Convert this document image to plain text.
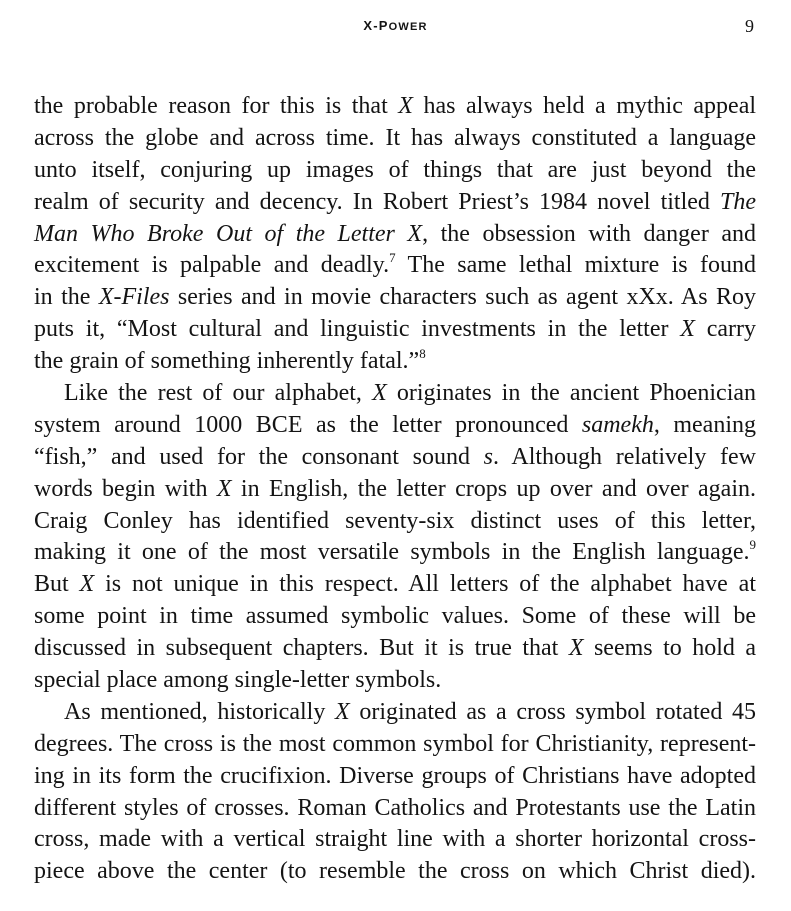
X-POWER	9
the probable reason for this is that X has always held a mythic appeal
across the globe and across time. It has always constituted a language
unto itself, conjuring up images of things that are just beyond the
realm of security and decency. In Robert Priest’s 1984 novel titled The
Man Who Broke Out of the Letter X, the obsession with danger and
excitement is palpable and deadly.$^7$ The same lethal mixture is found
in the X-Files series and in movie characters such as agent xXx. As Roy
puts it, “Most cultural and linguistic investments in the letter X carry
the grain of something inherently fatal.”$^8$
Like the rest of our alphabet, X originates in the ancient Phoenician
system around 1000 BCE as the letter pronounced samekh, meaning
“fish,” and used for the consonant sound s. Although relatively few
words begin with X in English, the letter crops up over and over again.
Craig Conley has identified seventy-six distinct uses of this letter,
making it one of the most versatile symbols in the English language.$^9$
But X is not unique in this respect. All letters of the alphabet have at
some point in time assumed symbolic values. Some of these will be
discussed in subsequent chapters. But it is true that X seems to hold a
special place among single-letter symbols.
As mentioned, historically X originated as a cross symbol rotated 45
degrees. The cross is the most common symbol for Christianity, represent-
ing in its form the crucifixion. Diverse groups of Christians have adopted
different styles of crosses. Roman Catholics and Protestants use the Latin
cross, made with a vertical straight line with a shorter horizontal cross-
piece above the center (to resemble the cross on which Christ died).
